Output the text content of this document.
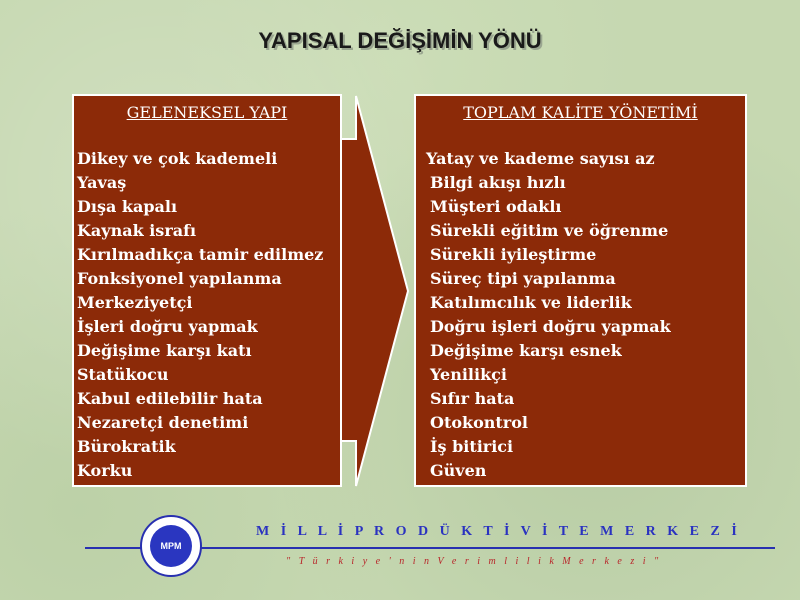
YAPISAL DEĞİŞİMİN YÖNÜ
GELENEKSEL YAPI
Dikey ve çok kademeli
Yavaş
Dışa kapalı
Kaynak israfı
Kırılmadıkça tamir edilmez
Fonksiyonel yapılanma
Merkeziyetçi
İşleri doğru yapmak
Değişime karşı katı
Statükocu
Kabul edilebilir hata
Nezaretçi denetimi
Bürokratik
Korku
TOPLAM KALİTE YÖNETİMİ
Yatay ve kademe sayısı az
Bilgi akışı hızlı
Müşteri odaklı
Sürekli eğitim ve öğrenme
Sürekli iyileştirme
Süreç tipi yapılanma
Katılımcılık ve liderlik
Doğru işleri doğru yapmak
Değişime karşı esnek
Yenilikçi
Sıfır hata
Otokontrol
İş bitirici
Güven
MPM
M İ L L İ P R O D Ü K T İ V İ T E M E R K E Z İ
" T ü r k i y e ' n i n V e r i m l i l i k M e r k e z i "
